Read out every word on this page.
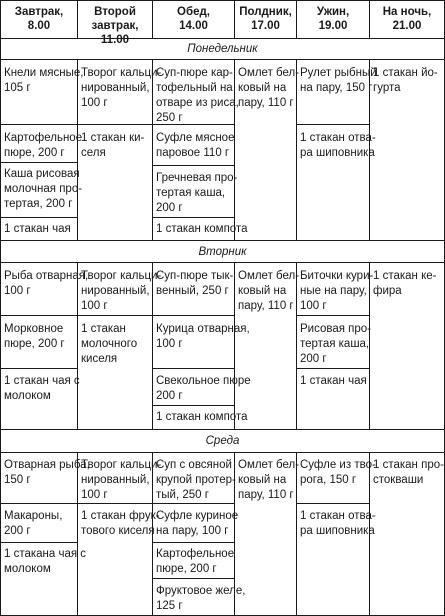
Завтрак,
8.00
Второй
завтрак, 11.00
Обед,
14.00
Полдник,
17.00
Ужин,
19.00
На ночь,
21.00
Понедельник
Кнели мясные,
105 г
Творог кальци-
нированный,
100 г
Суп-пюре кар-
тофельный на
отваре из риса,
250 г
Омлет бел-
ковый на
пару, 110 г
Рулет рыбный
на пару, 150 г
1 стакан йо-
гурта
Картофельное
пюре, 200 г
1 стакан ки-
селя
Суфле мясное
паровое 110 г
1 стакан отва-
ра шиповника
Каша рисовая
молочная про-
тертая, 200 г
Гречневая про-
тертая каша,
200 г
1 стакан чая	1 стакан компота
Вторник
Рыба отварная,
100 г
Творог кальци-
нированный,
100 г
Суп-пюре тык-
венный, 250 г
Омлет бел-
ковый на
пару, 110 г
Биточки кури-
ные на пару,
100 г
1 стакан ке-
фира
Морковное
пюре, 200 г
1 стакан
молочного
киселя
Курица отварная,
100 г
Рисовая про-
тертая каша,
200 г
1 стакан чая с
молоком
Свекольное пюре
200 г
1 стакан чая
1 стакан компота
Среда
Отварная рыба,
150 г
Творог кальци-
нированный,
100 г
Суп с овсяной
крупой протер-
тый, 250 г
Омлет бел-
ковый на
пару, 110 г
Суфле из тво-
рога, 150 г
1 стакан про-
стокваши
Макароны,
200 г
1 стакан фрук-
тового киселя
Суфле куриное
на пару, 100 г
1 стакан отва-
ра шиповника
1 стакана чая с
молоком
Картофельное
пюре, 200 г
Фруктовое желе,
125 г
